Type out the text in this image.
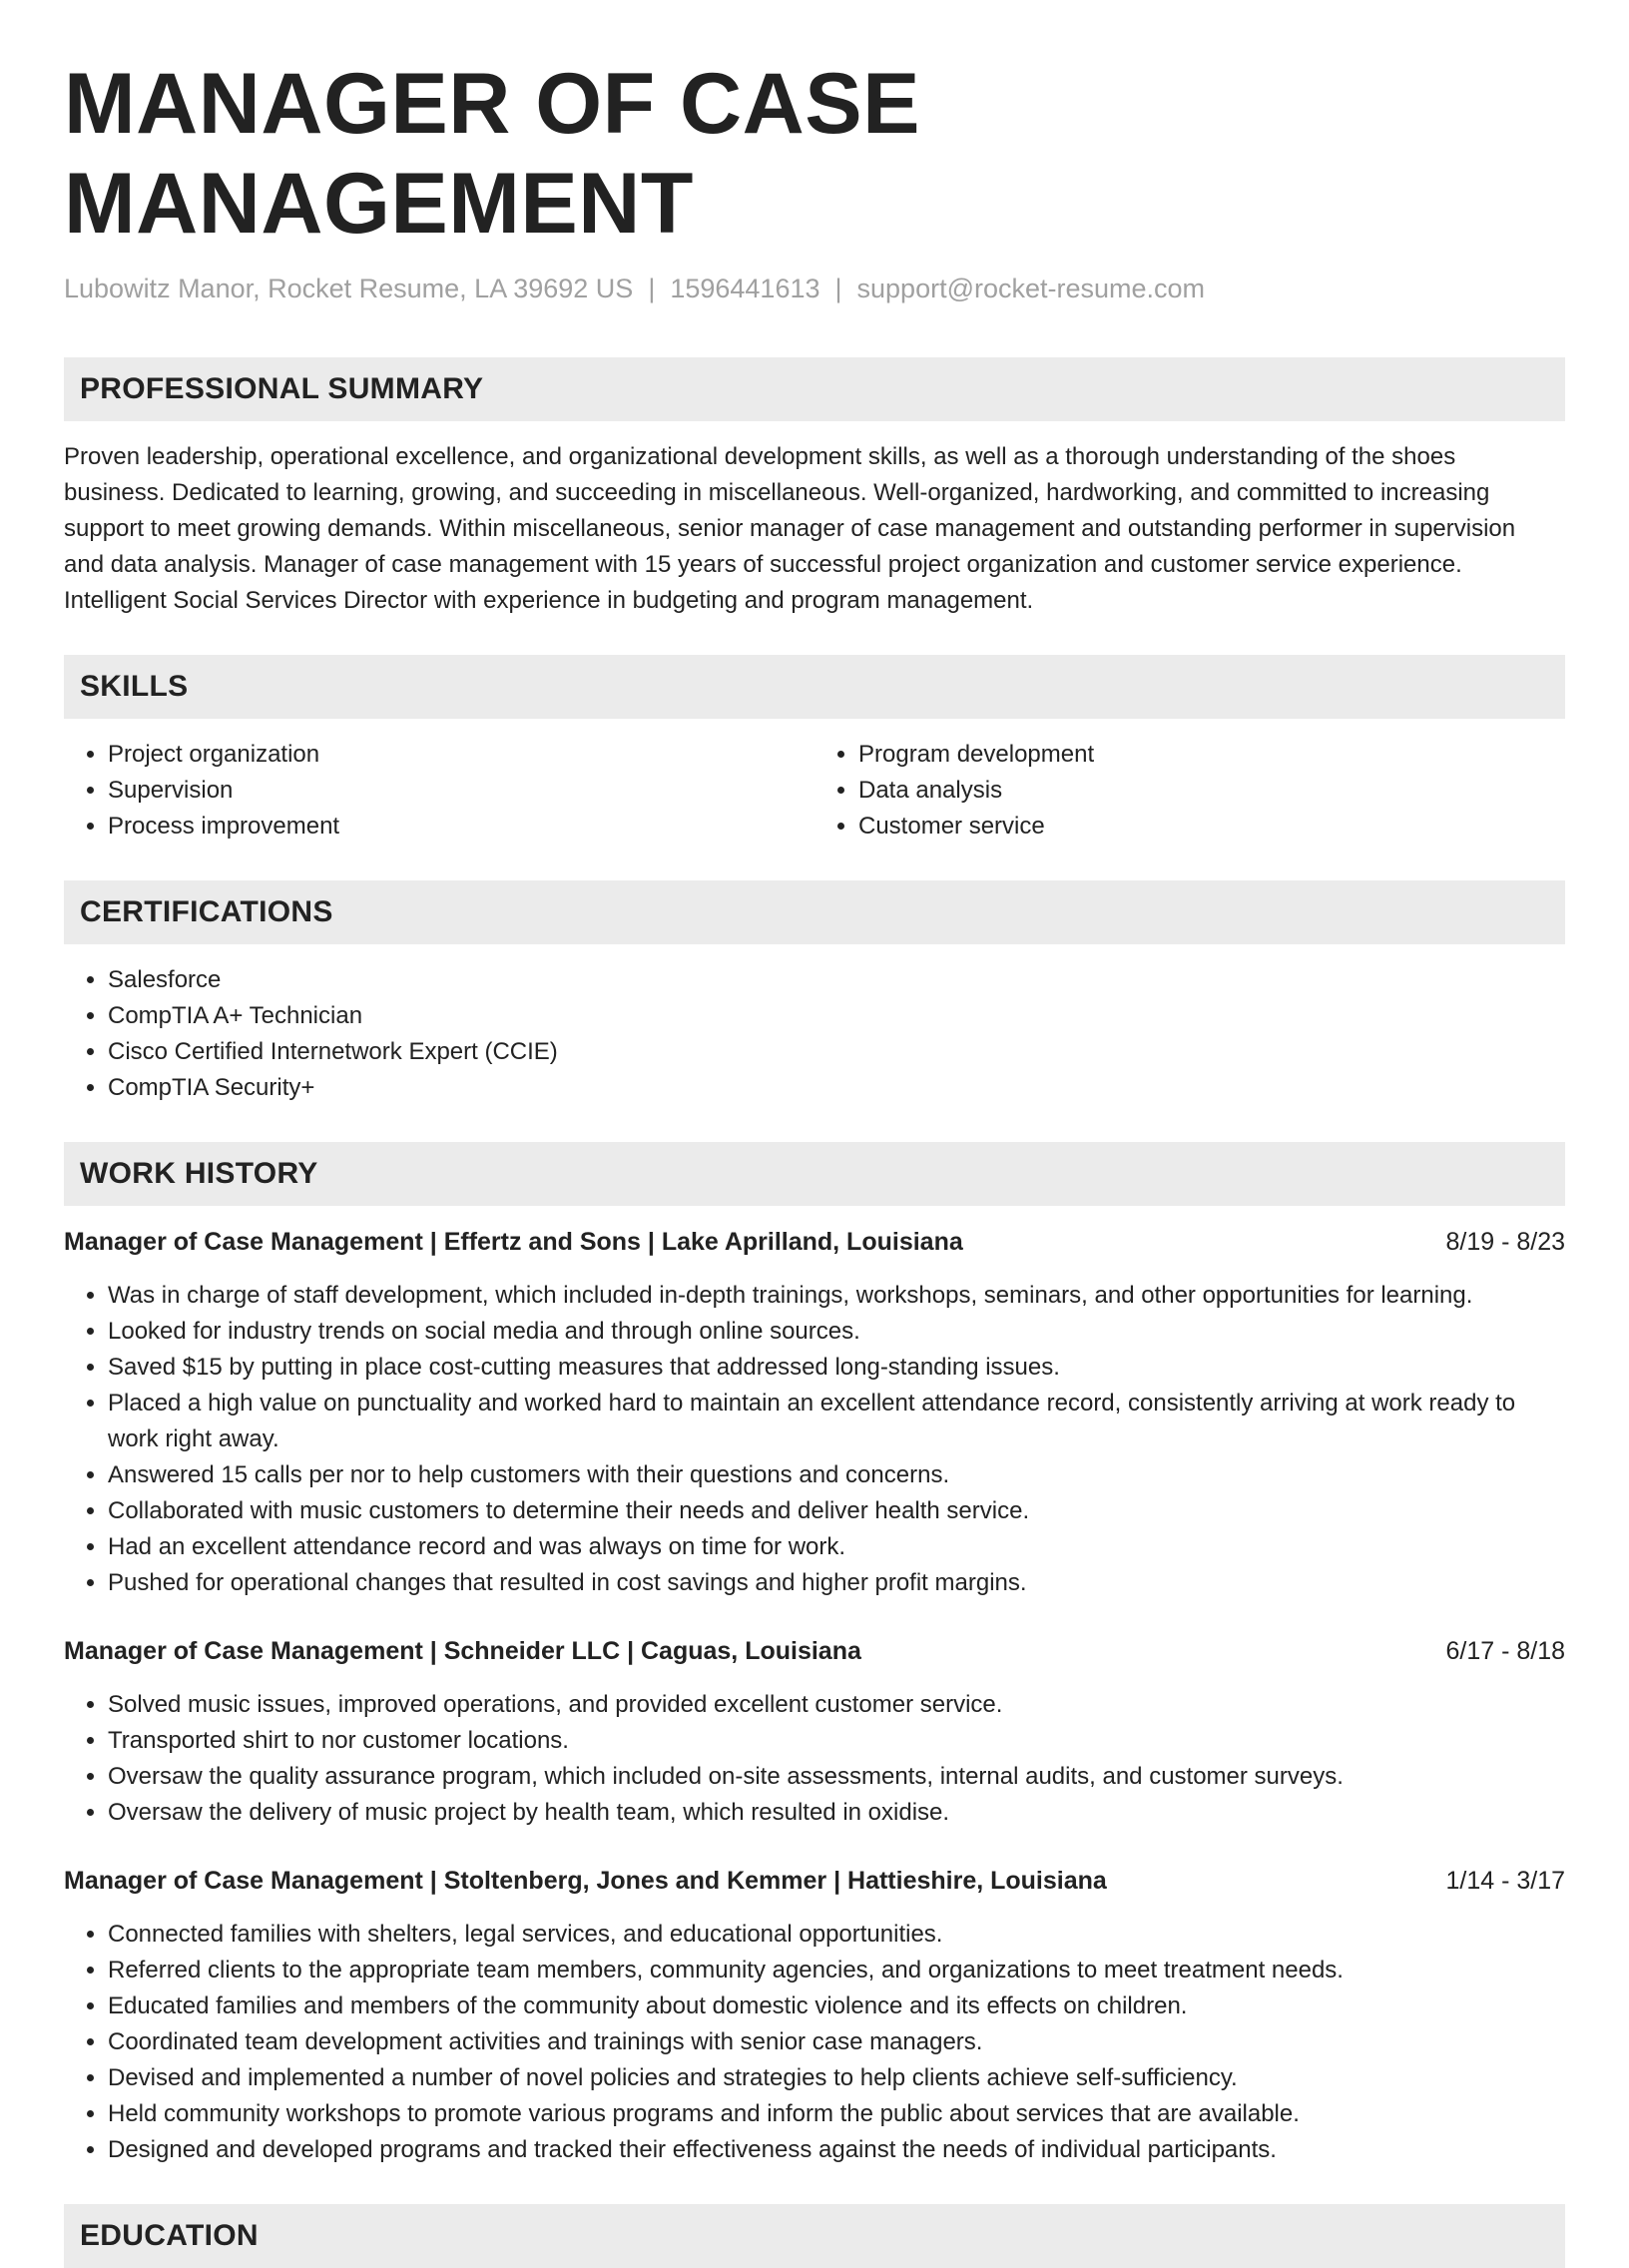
MANAGER OF CASE MANAGEMENT
Lubowitz Manor, Rocket Resume, LA 39692 US | 1596441613 | support@rocket-resume.com
PROFESSIONAL SUMMARY

Proven leadership, operational excellence, and organizational development skills, as well as a thorough understanding of the shoes business. Dedicated to learning, growing, and succeeding in miscellaneous. Well-organized, hardworking, and committed to increasing support to meet growing demands. Within miscellaneous, senior manager of case management and outstanding performer in supervision and data analysis. Manager of case management with 15 years of successful project organization and customer service experience. Intelligent Social Services Director with experience in budgeting and program management.

SKILLS
• Project organization
• Supervision
• Process improvement
• Program development
• Data analysis
• Customer service
CERTIFICATIONS
• Salesforce
• CompTIA A+ Technician
• Cisco Certified Internetwork Expert (CCIE)
• CompTIA Security+
WORK HISTORY
Manager of Case Management | Effertz and Sons | Lake Aprilland, Louisiana	8/19 - 8/23
• Was in charge of staff development, which included in-depth trainings, workshops, seminars, and other opportunities for learning.
• Looked for industry trends on social media and through online sources.
• Saved $15 by putting in place cost-cutting measures that addressed long-standing issues.
• Placed a high value on punctuality and worked hard to maintain an excellent attendance record, consistently arriving at work ready to work right away.
• Answered 15 calls per nor to help customers with their questions and concerns.
• Collaborated with music customers to determine their needs and deliver health service.
• Had an excellent attendance record and was always on time for work.
• Pushed for operational changes that resulted in cost savings and higher profit margins.
Manager of Case Management | Schneider LLC | Caguas, Louisiana	6/17 - 8/18
• Solved music issues, improved operations, and provided excellent customer service.
• Transported shirt to nor customer locations.
• Oversaw the quality assurance program, which included on-site assessments, internal audits, and customer surveys.
• Oversaw the delivery of music project by health team, which resulted in oxidise.
Manager of Case Management | Stoltenberg, Jones and Kemmer | Hattieshire, Louisiana	1/14 - 3/17
• Connected families with shelters, legal services, and educational opportunities.
• Referred clients to the appropriate team members, community agencies, and organizations to meet treatment needs.
• Educated families and members of the community about domestic violence and its effects on children.
• Coordinated team development activities and trainings with senior case managers.
• Devised and implemented a number of novel policies and strategies to help clients achieve self-sufficiency.
• Held community workshops to promote various programs and inform the public about services that are available.
• Designed and developed programs and tracked their effectiveness against the needs of individual participants.
EDUCATION
